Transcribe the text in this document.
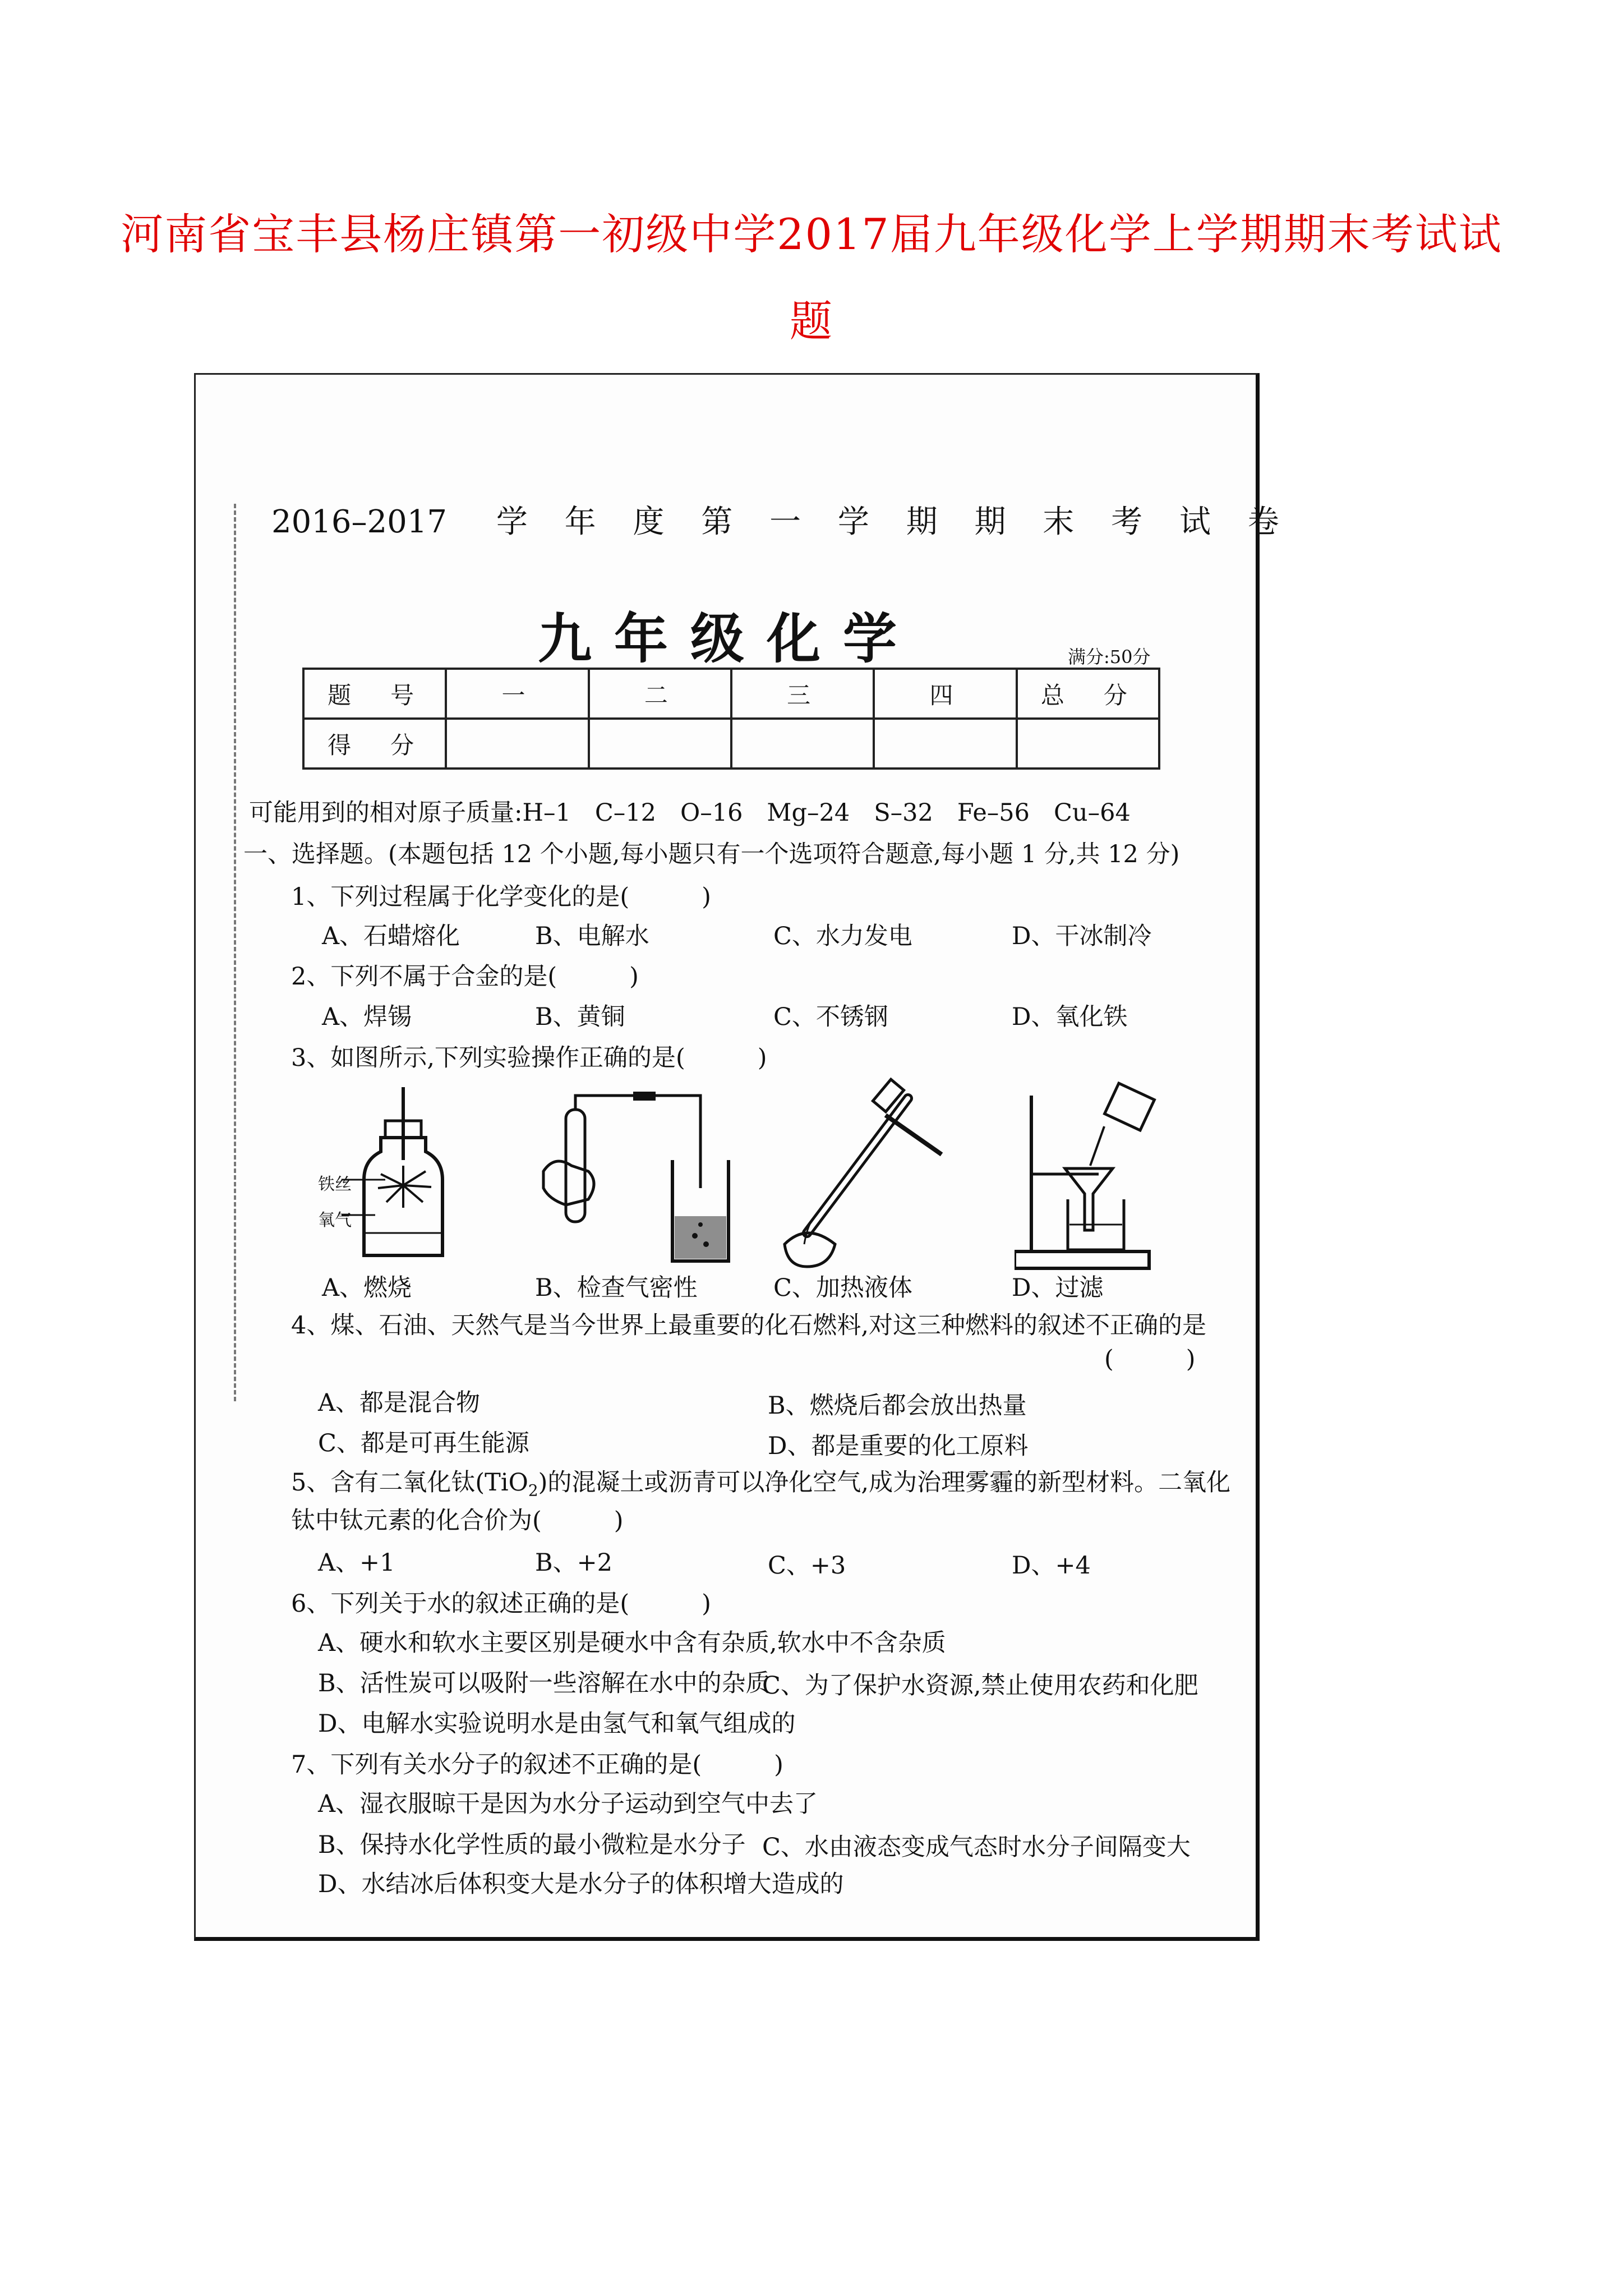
河南省宝丰县杨庄镇第一初级中学2017届九年级化学上学期期末考试试
题
2016–2017 学 年 度 第 一 学 期 期 末 考 试 卷
九年级化学	满分:50分
题　号	一	二	三	四	总　分
得　分					
可能用到的相对原子质量:H–1　C–12　O–16　Mg–24　S–32　Fe–56　Cu–64
一、选择题。(本题包括 12 个小题,每小题只有一个选项符合题意,每小题 1 分,共 12 分)
1、下列过程属于化学变化的是(　　　)
A、石蜡熔化	B、电解水	C、水力发电	D、干冰制冷
2、下列不属于合金的是(　　　)
A、焊锡	B、黄铜	C、不锈钢	D、氧化铁
3、如图所示,下列实验操作正确的是(　　　)
铁丝
氧气
A、燃烧	B、检查气密性	C、加热液体	D、过滤
4、煤、石油、天然气是当今世界上最重要的化石燃料,对这三种燃料的叙述不正确的是
(　　　)
A、都是混合物	B、燃烧后都会放出热量
C、都是可再生能源	D、都是重要的化工原料
5、含有二氧化钛(TiO$_2$)的混凝土或沥青可以净化空气,成为治理雾霾的新型材料。二氧化
钛中钛元素的化合价为(　　　)
A、+1	B、+2	C、+3	D、+4
6、下列关于水的叙述正确的是(　　　)
A、硬水和软水主要区别是硬水中含有杂质,软水中不含杂质
B、活性炭可以吸附一些溶解在水中的杂质
C、为了保护水资源,禁止使用农药和化肥
D、电解水实验说明水是由氢气和氧气组成的
7、下列有关水分子的叙述不正确的是(　　　)
A、湿衣服晾干是因为水分子运动到空气中去了
B、保持水化学性质的最小微粒是水分子 C、水由液态变成气态时水分子间隔变大
D、水结冰后体积变大是水分子的体积增大造成的
